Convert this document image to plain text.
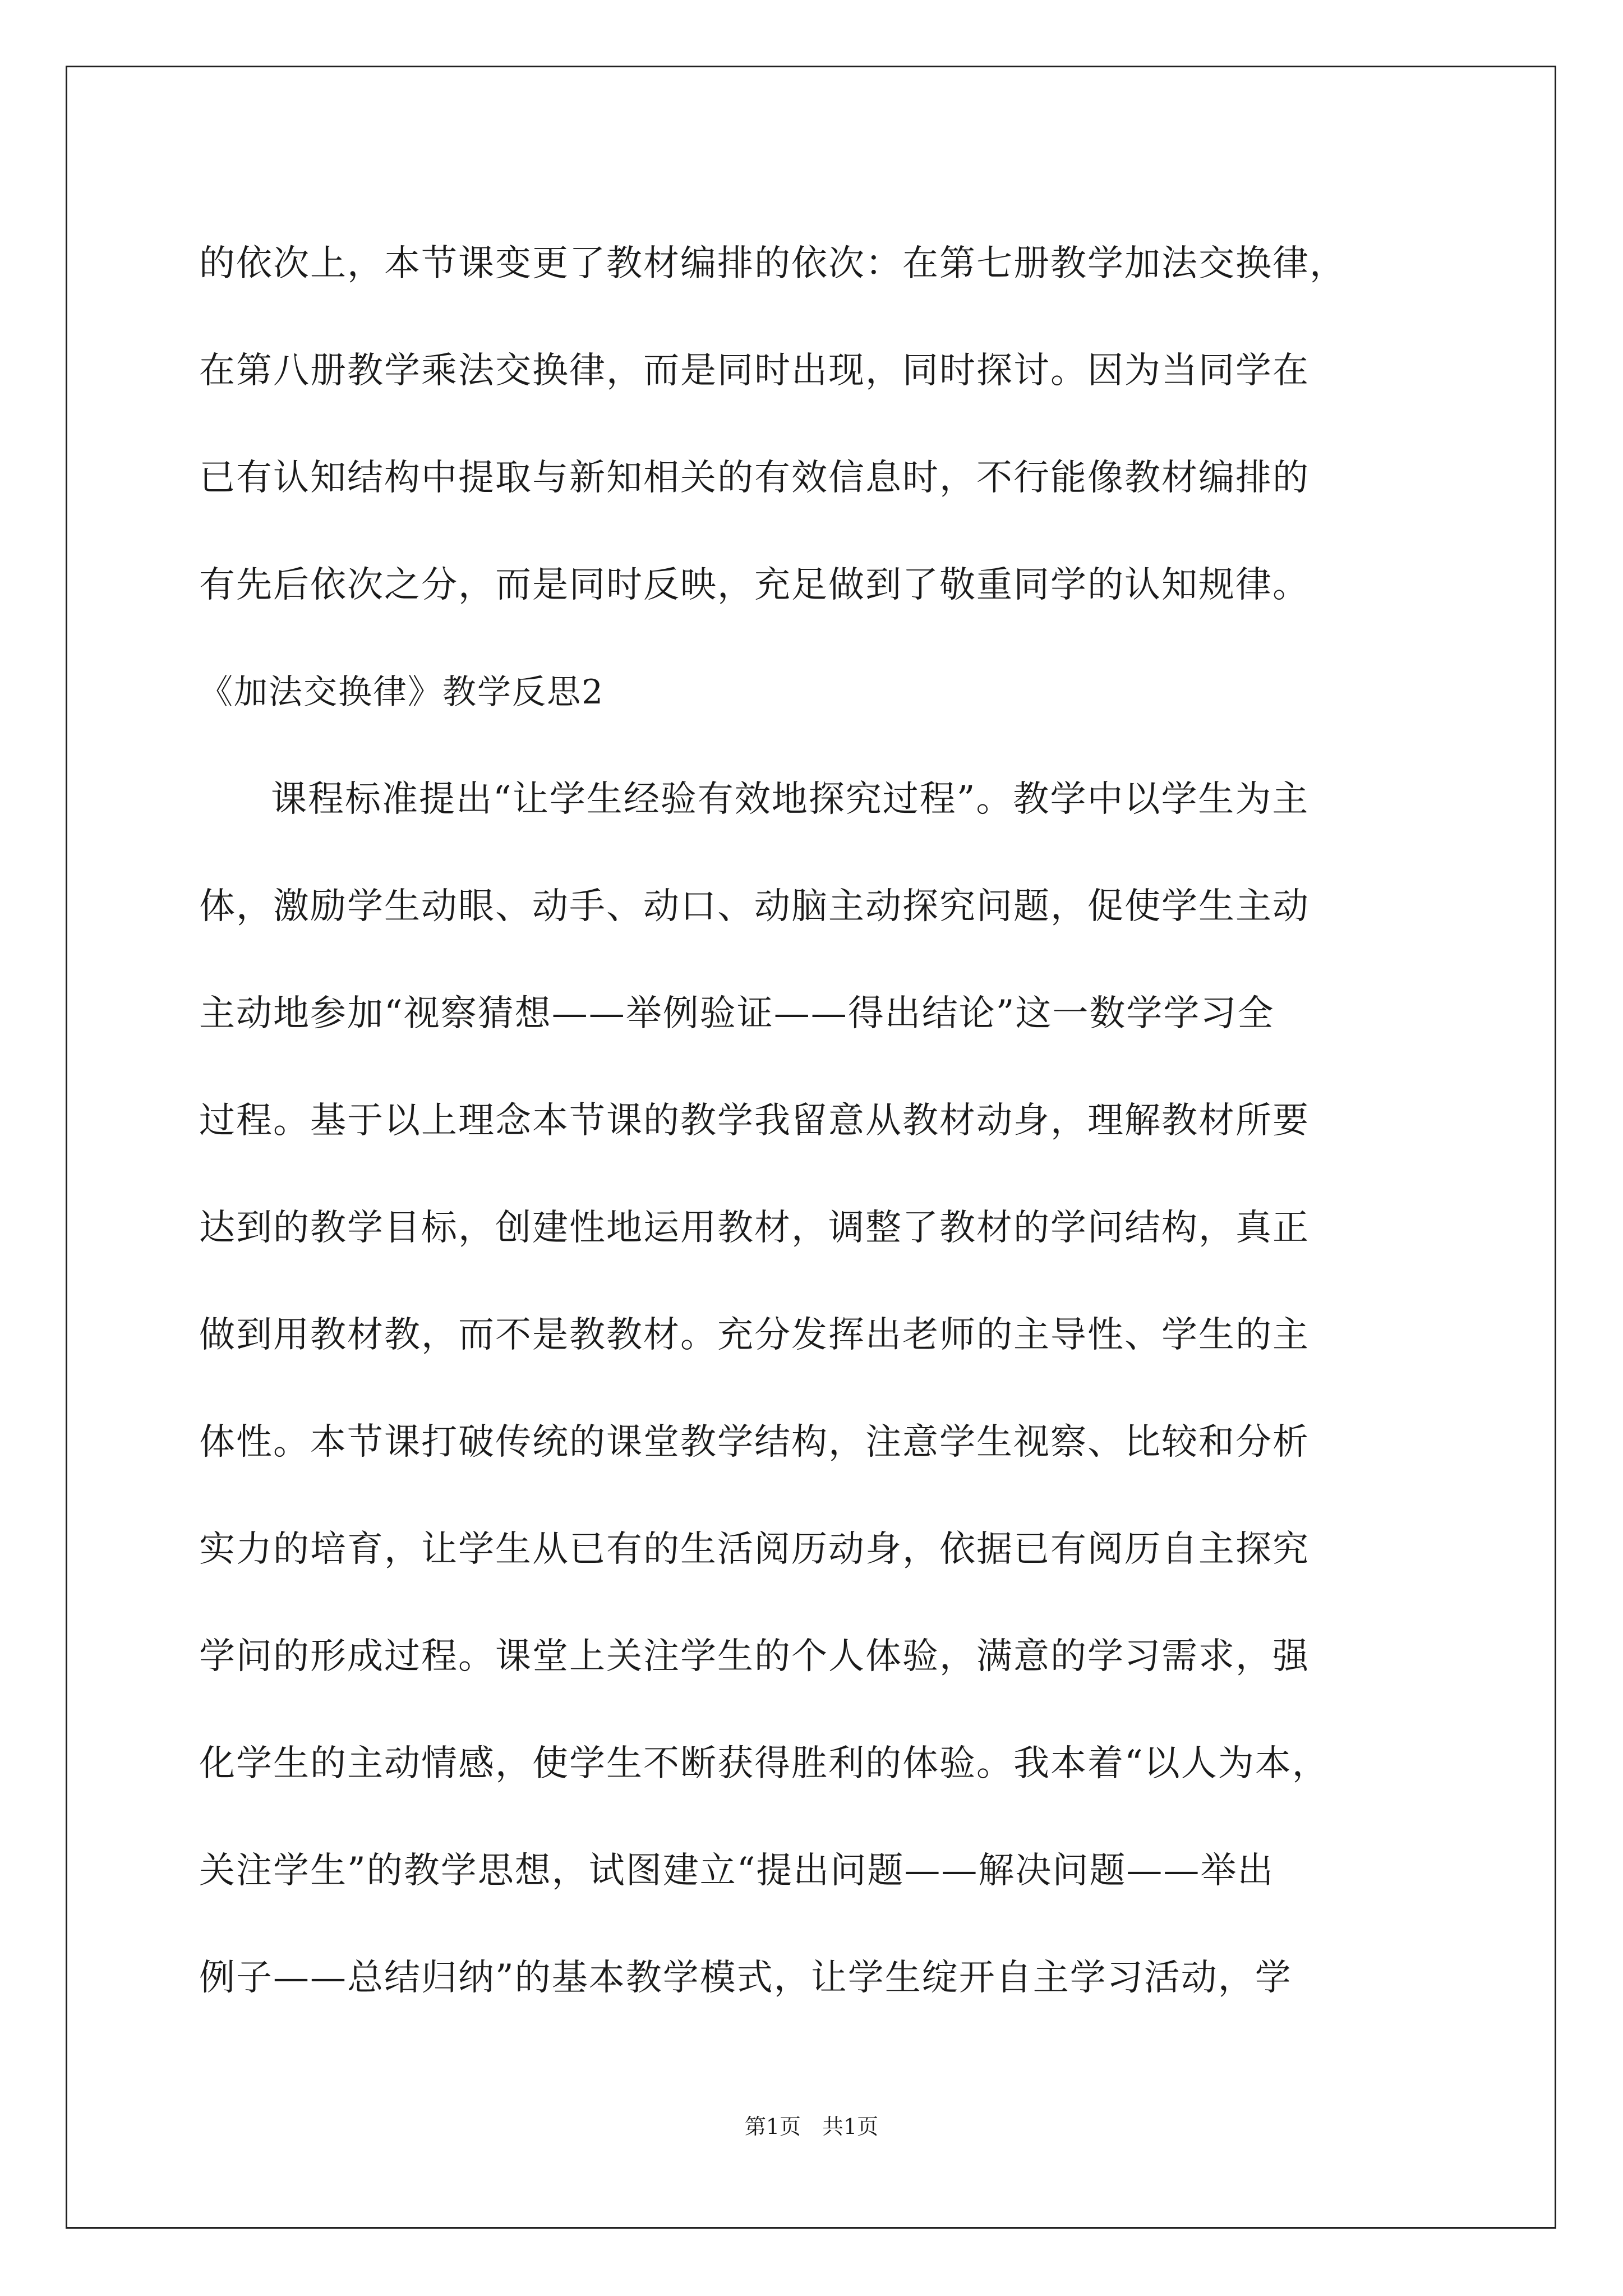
的依次上，本节课变更了教材编排的依次：在第七册教学加法交换律，
在第八册教学乘法交换律，而是同时出现，同时探讨。因为当同学在
已有认知结构中提取与新知相关的有效信息时，不行能像教材编排的
有先后依次之分，而是同时反映，充足做到了敬重同学的认知规律。
《加法交换律》教学反思2
课程标准提出“让学生经验有效地探究过程”。教学中以学生为主
体，激励学生动眼、动手、动口、动脑主动探究问题，促使学生主动
主动地参加“视察猜想——举例验证——得出结论”这一数学学习全
过程。基于以上理念本节课的教学我留意从教材动身，理解教材所要
达到的教学目标，创建性地运用教材，调整了教材的学问结构，真正
做到用教材教，而不是教教材。充分发挥出老师的主导性、学生的主
体性。本节课打破传统的课堂教学结构，注意学生视察、比较和分析
实力的培育，让学生从已有的生活阅历动身，依据已有阅历自主探究
学问的形成过程。课堂上关注学生的个人体验，满意的学习需求，强
化学生的主动情感，使学生不断获得胜利的体验。我本着“以人为本，
关注学生”的教学思想，试图建立“提出问题——解决问题——举出
例子——总结归纳”的基本教学模式，让学生绽开自主学习活动，学
第1页　共1页
